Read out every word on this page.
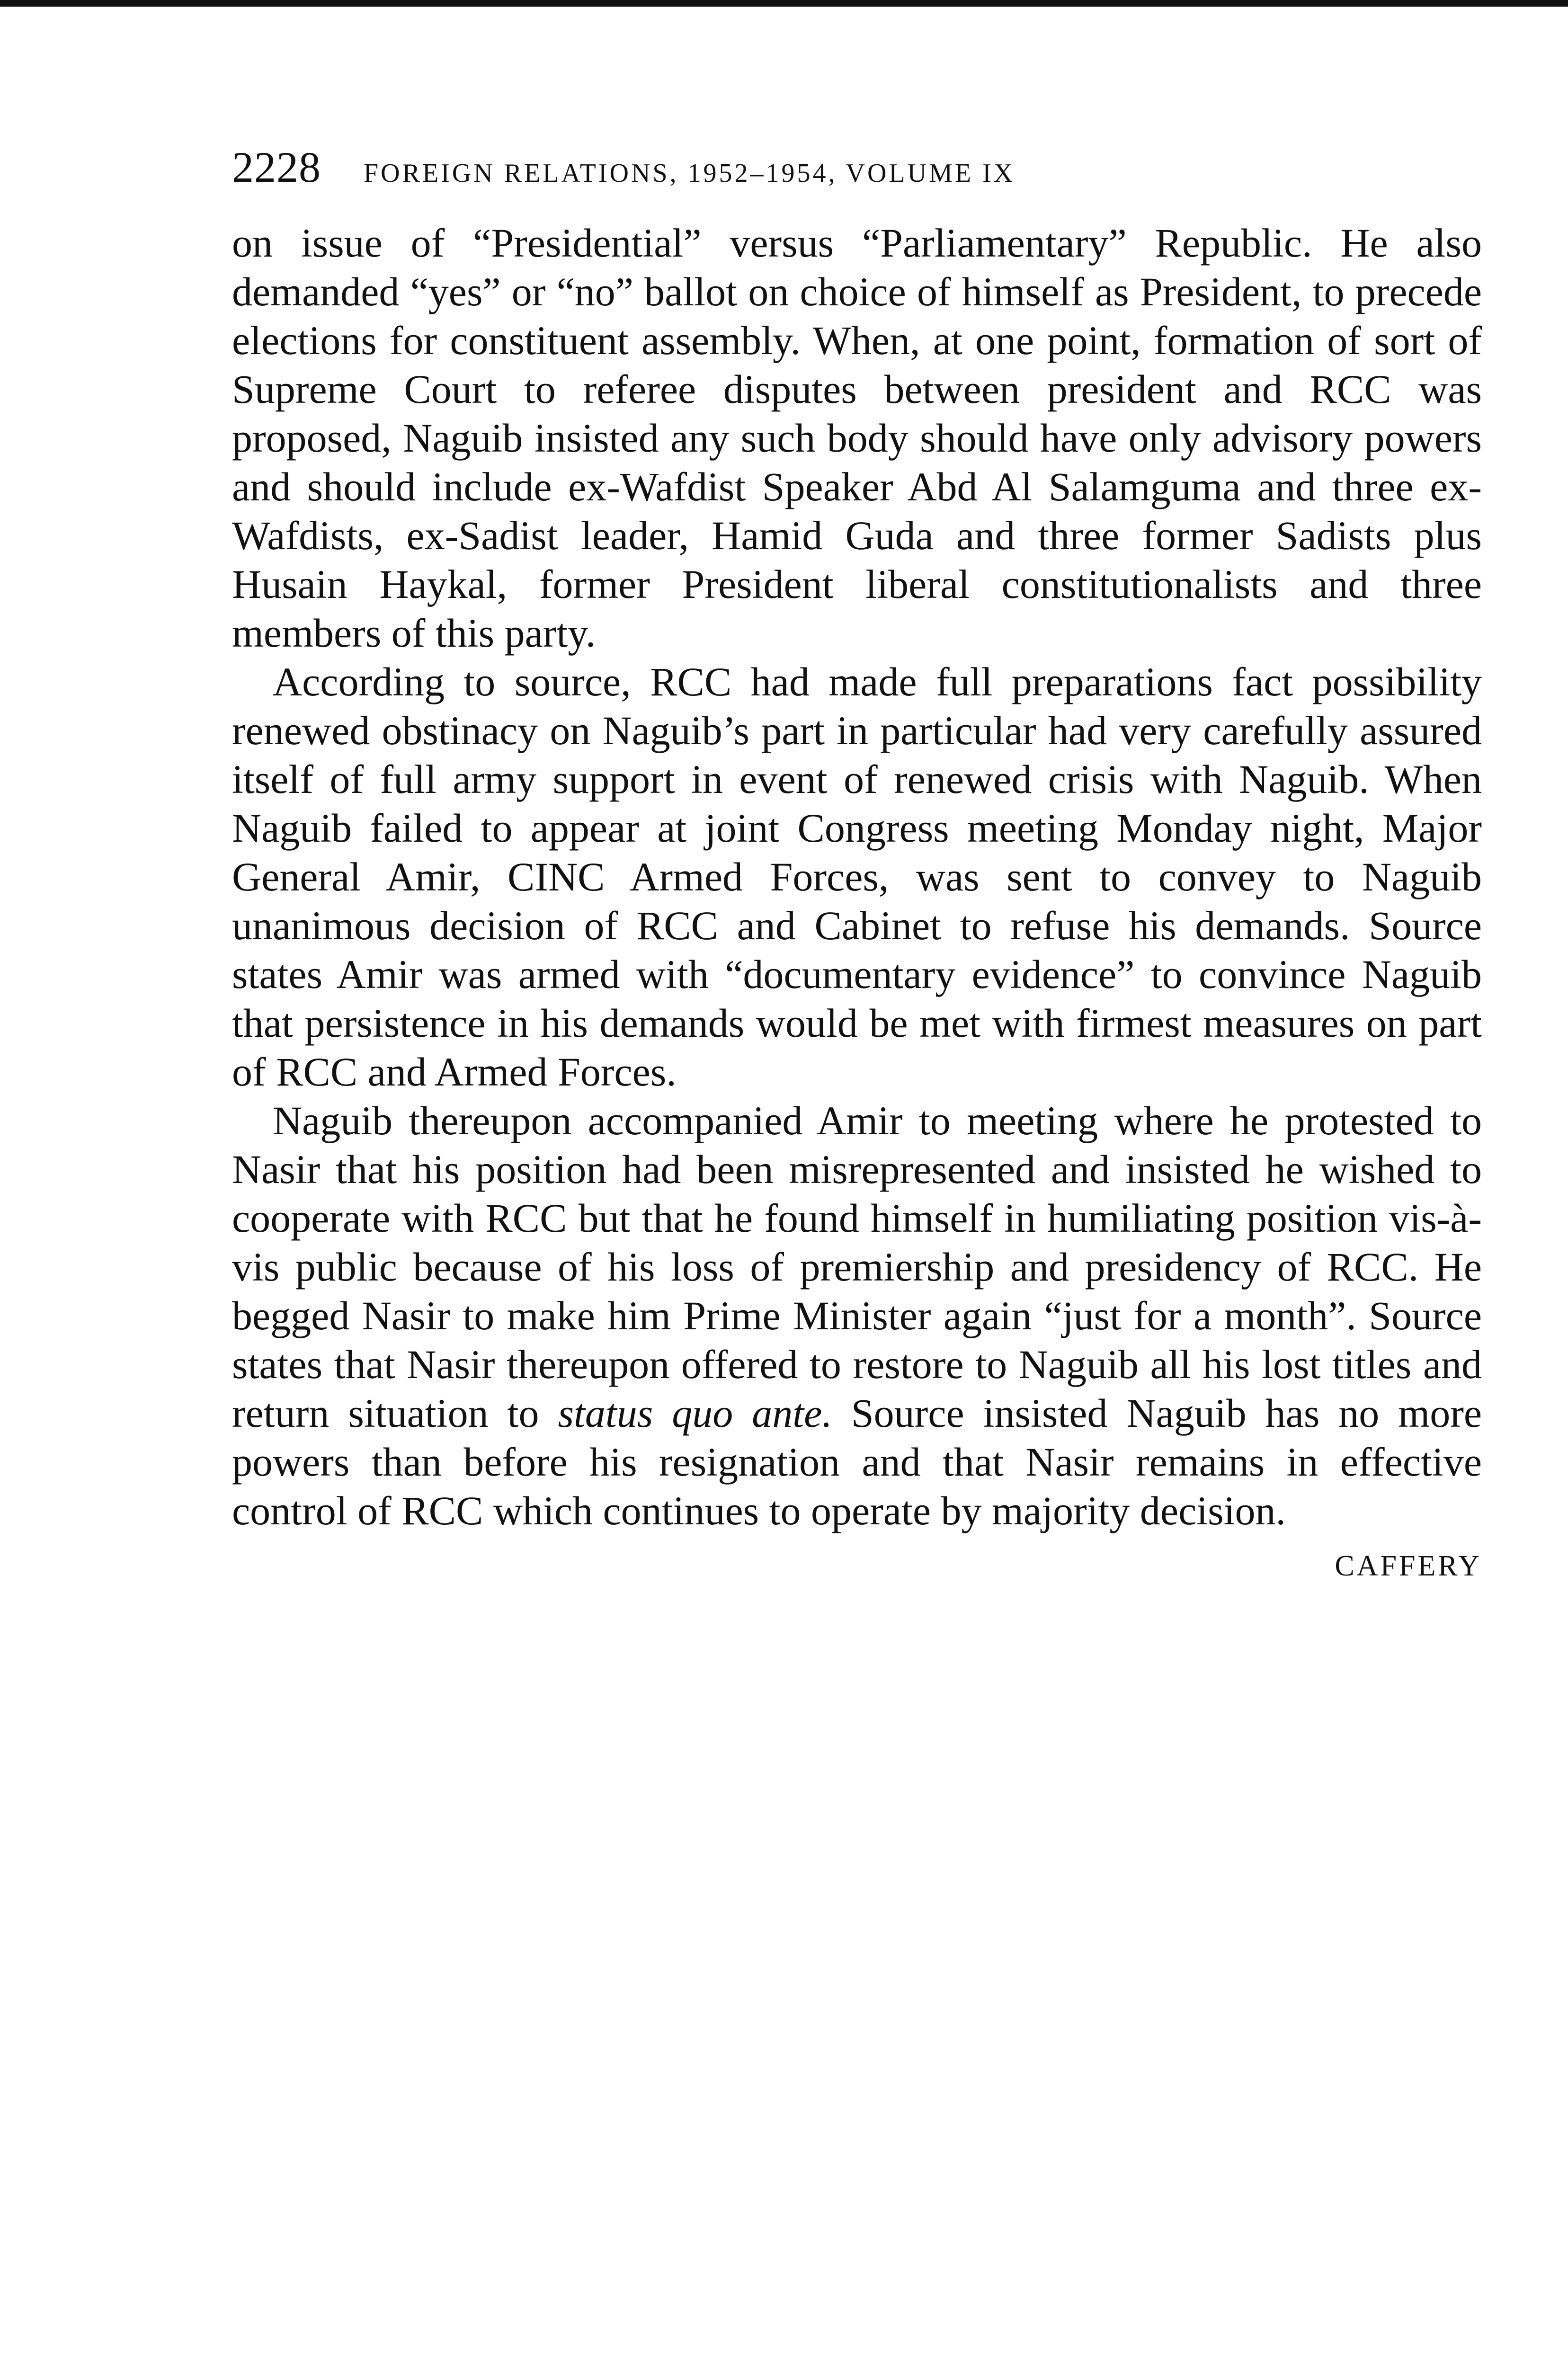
2228 FOREIGN RELATIONS, 1952–1954, VOLUME IX

on issue of “Presidential” versus “Parliamentary” Republic. He also demanded “yes” or “no” ballot on choice of himself as President, to precede elections for constituent assembly. When, at one point, formation of sort of Supreme Court to referee disputes between president and RCC was proposed, Naguib insisted any such body should have only advisory powers and should include ex-Wafdist Speaker Abd Al Salamguma and three ex-Wafdists, ex-Sadist leader, Hamid Guda and three former Sadists plus Husain Haykal, former President liberal constitutionalists and three members of this party.

According to source, RCC had made full preparations fact possibility renewed obstinacy on Naguib’s part in particular had very carefully assured itself of full army support in event of renewed crisis with Naguib. When Naguib failed to appear at joint Congress meeting Monday night, Major General Amir, CINC Armed Forces, was sent to convey to Naguib unanimous decision of RCC and Cabinet to refuse his demands. Source states Amir was armed with “documentary evidence” to convince Naguib that persistence in his demands would be met with firmest measures on part of RCC and Armed Forces.

Naguib thereupon accompanied Amir to meeting where he protested to Nasir that his position had been misrepresented and insisted he wished to cooperate with RCC but that he found himself in humiliating position vis-à-vis public because of his loss of premiership and presidency of RCC. He begged Nasir to make him Prime Minister again “just for a month”. Source states that Nasir thereupon offered to restore to Naguib all his lost titles and return situation to status quo ante. Source insisted Naguib has no more powers than before his resignation and that Nasir remains in effective control of RCC which continues to operate by majority decision.

CAFFERY
